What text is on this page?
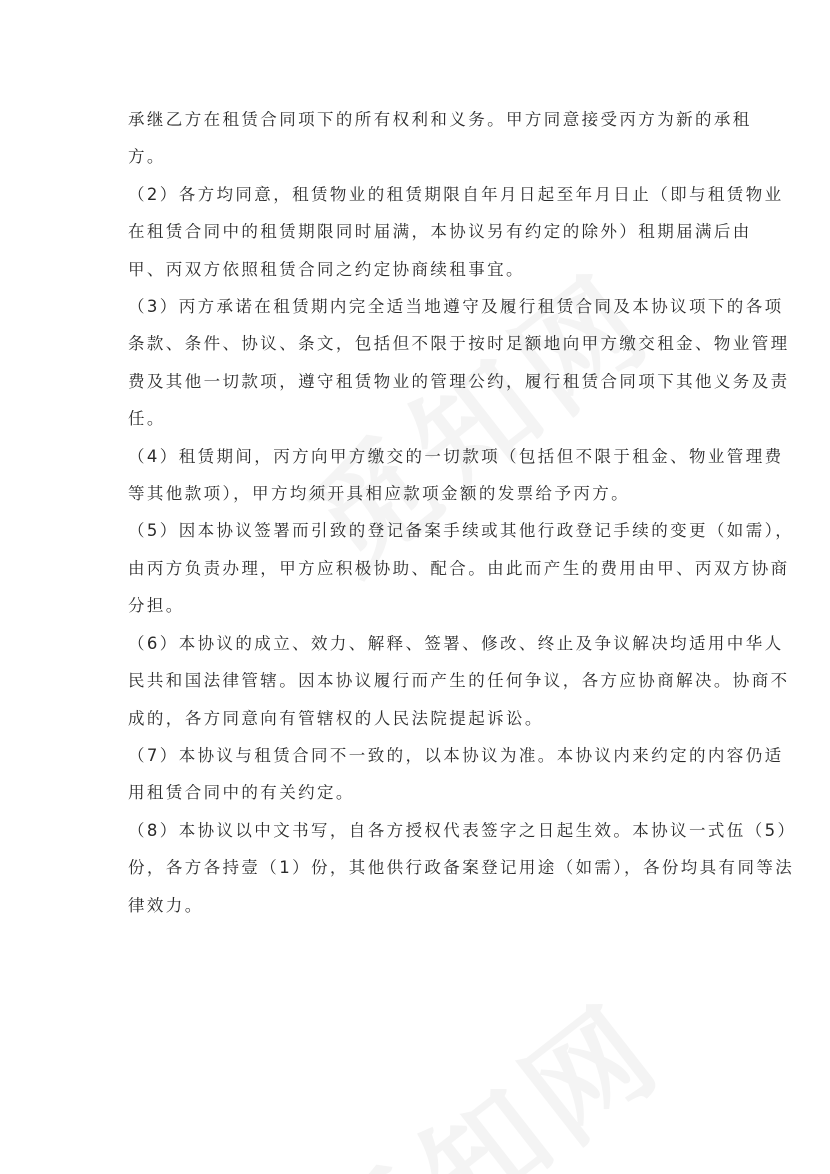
承继乙方在租赁合同项下的所有权利和义务。甲方同意接受丙方为新的承租
方。
（2）各方均同意，租赁物业的租赁期限自年月日起至年月日止（即与租赁物业
在租赁合同中的租赁期限同时届满，本协议另有约定的除外）租期届满后由
甲、丙双方依照租赁合同之约定协商续租事宜。
（3）丙方承诺在租赁期内完全适当地遵守及履行租赁合同及本协议项下的各项
条款、条件、协议、条文，包括但不限于按时足额地向甲方缴交租金、物业管理
费及其他一切款项，遵守租赁物业的管理公约，履行租赁合同项下其他义务及责
任。
（4）租赁期间，丙方向甲方缴交的一切款项（包括但不限于租金、物业管理费
等其他款项），甲方均须开具相应款项金额的发票给予丙方。
（5）因本协议签署而引致的登记备案手续或其他行政登记手续的变更（如需），
由丙方负责办理，甲方应积极协助、配合。由此而产生的费用由甲、丙双方协商
分担。
（6）本协议的成立、效力、解释、签署、修改、终止及争议解决均适用中华人
民共和国法律管辖。因本协议履行而产生的任何争议，各方应协商解决。协商不
成的，各方同意向有管辖权的人民法院提起诉讼。
（7）本协议与租赁合同不一致的，以本协议为准。本协议内来约定的内容仍适
用租赁合同中的有关约定。
（8）本协议以中文书写，自各方授权代表签字之日起生效。本协议一式伍（5）
份，各方各持壹（1）份，其他供行政备案登记用途（如需），各份均具有同等法
律效力。
